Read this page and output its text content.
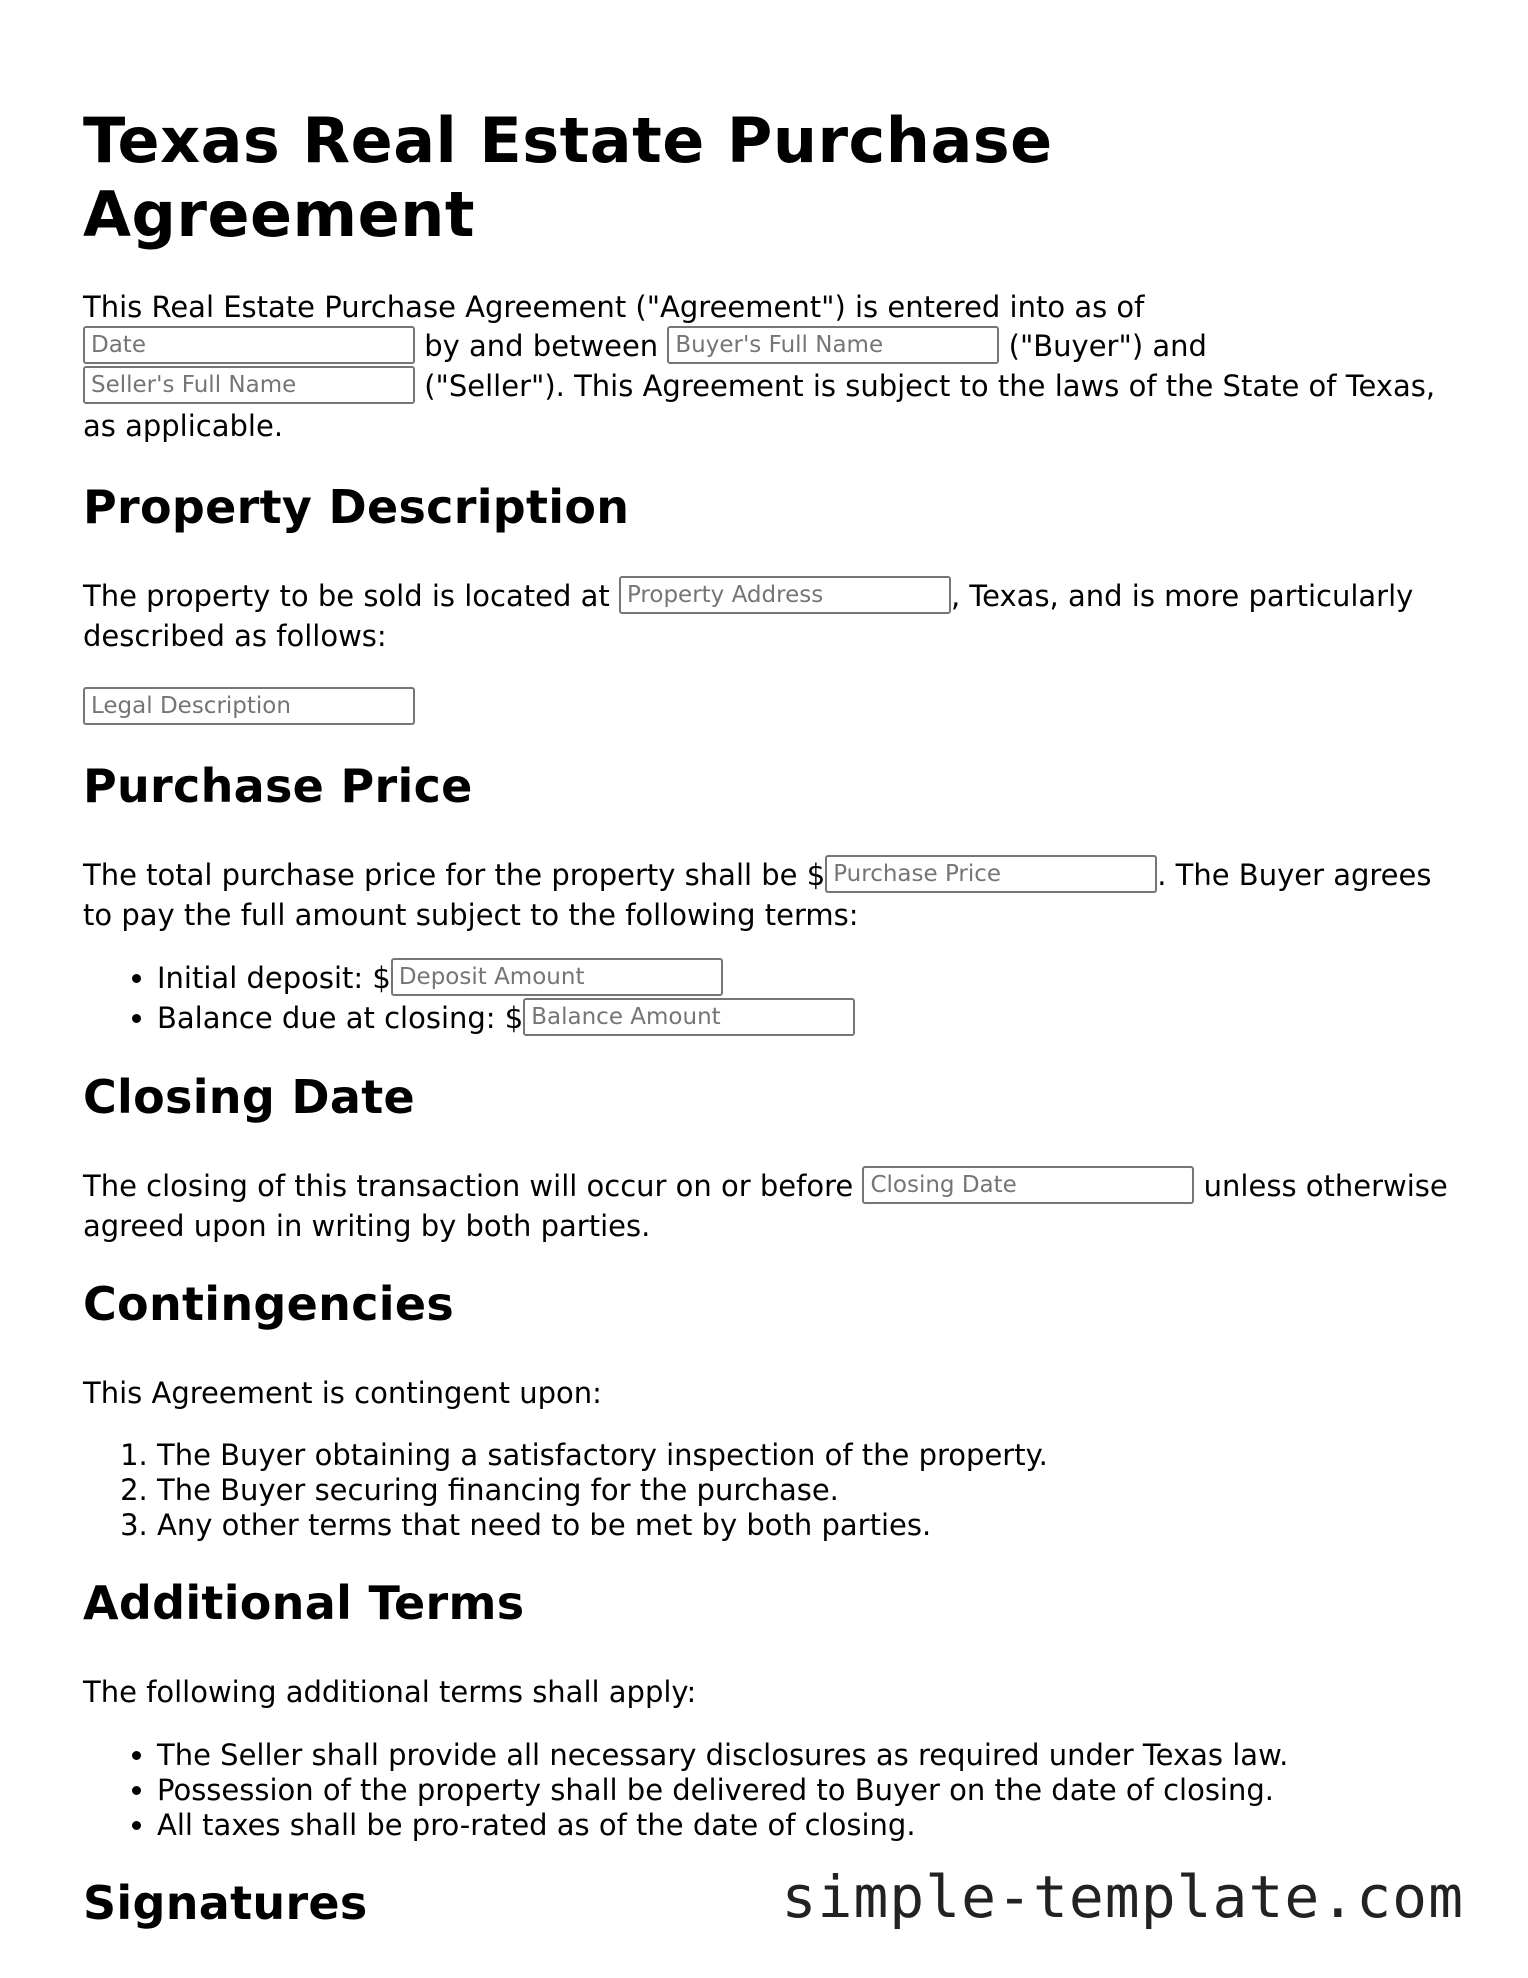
Texas Real Estate Purchase Agreement

This Real Estate Purchase Agreement ("Agreement") is entered into as of
Date by and between Buyer's Full Name	("Buyer") and
Seller's Full Name ("Seller"). This Agreement is subject to the laws of the State of Texas, as applicable.

Property Description

The property to be sold is located at Property Address	, Texas, and is more particularly described as follows:

Legal Description
Purchase Price

The total purchase price for the property shall be $Purchase Price	. The Buyer agrees to pay the full amount subject to the following terms:

• Initial deposit: $Deposit Amount
• Balance due at closing: $Balance Amount
Closing Date

The closing of this transaction will occur on or before Closing Date	unless otherwise agreed upon in writing by both parties.

Contingencies

This Agreement is contingent upon:

1. The Buyer obtaining a satisfactory inspection of the property.
2. The Buyer securing financing for the purchase.
3. Any other terms that need to be met by both parties.
Additional Terms

The following additional terms shall apply:

• The Seller shall provide all necessary disclosures as required under Texas law.
• Possession of the property shall be delivered to Buyer on the date of closing.
• All taxes shall be pro-rated as of the date of closing.
Signatures	simple-template.com
